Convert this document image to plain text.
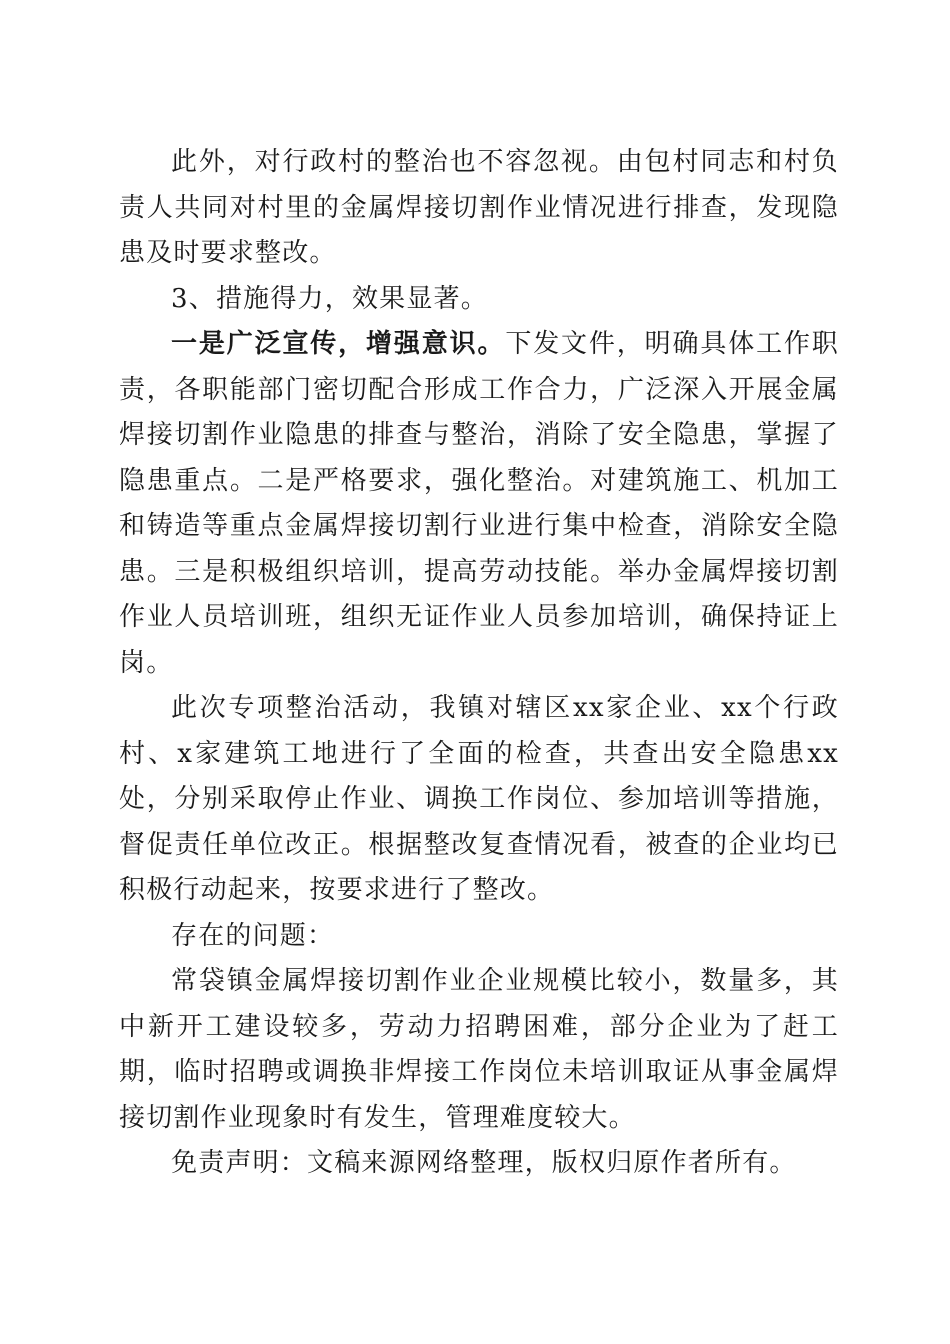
此外，对行政村的整治也不容忽视。由包村同志和村负责人共同对村里的金属焊接切割作业情况进行排查，发现隐患及时要求整改。

3、措施得力，效果显著。

一是广泛宣传，增强意识。下发文件，明确具体工作职责，各职能部门密切配合形成工作合力，广泛深入开展金属焊接切割作业隐患的排查与整治，消除了安全隐患，掌握了隐患重点。二是严格要求，强化整治。对建筑施工、机加工和铸造等重点金属焊接切割行业进行集中检查，消除安全隐患。三是积极组织培训，提高劳动技能。举办金属焊接切割作业人员培训班，组织无证作业人员参加培训，确保持证上岗。

此次专项整治活动，我镇对辖区xx家企业、xx个行政村、x家建筑工地进行了全面的检查，共查出安全隐患xx处，分别采取停止作业、调换工作岗位、参加培训等措施，督促责任单位改正。根据整改复查情况看，被查的企业均已积极行动起来，按要求进行了整改。

存在的问题：

常袋镇金属焊接切割作业企业规模比较小，数量多，其中新开工建设较多，劳动力招聘困难，部分企业为了赶工期，临时招聘或调换非焊接工作岗位未培训取证从事金属焊接切割作业现象时有发生，管理难度较大。

免责声明：文稿来源网络整理，版权归原作者所有。
